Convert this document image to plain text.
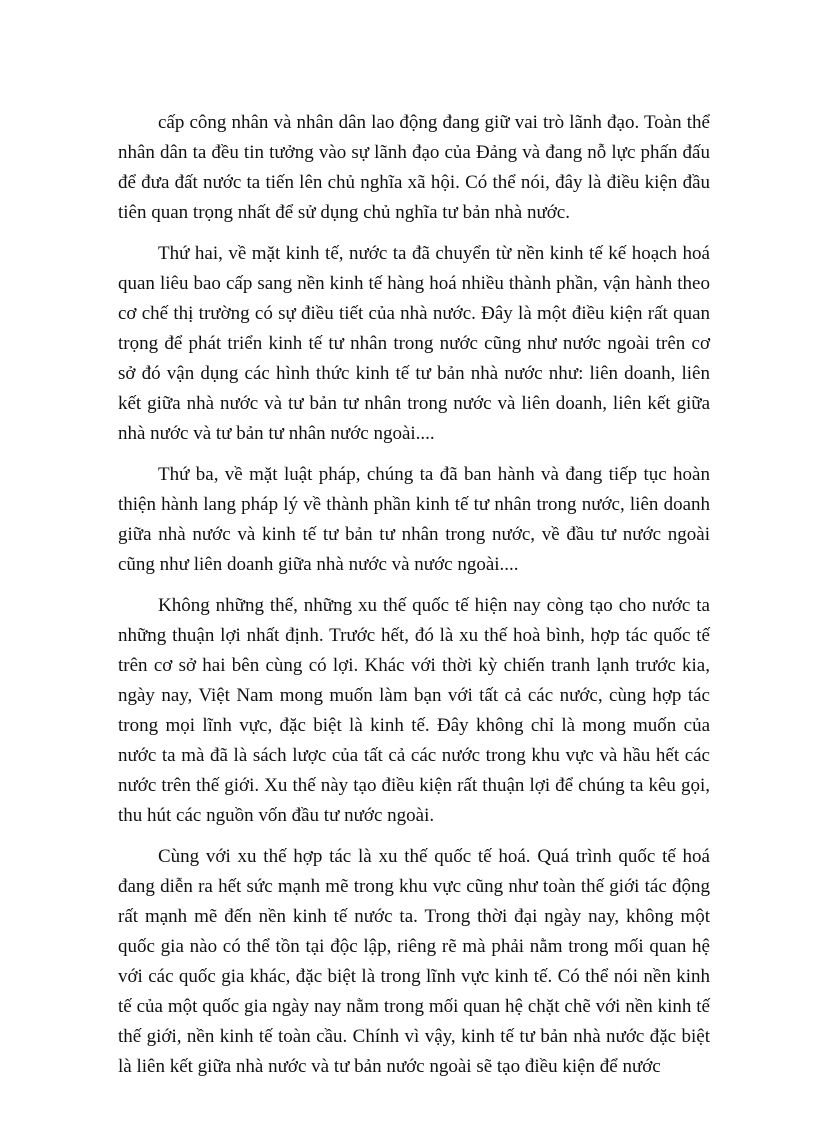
cấp công nhân và nhân dân lao động đang giữ vai trò lãnh đạo. Toàn thể nhân dân ta đều tin tưởng vào sự lãnh đạo của Đảng và đang nỗ lực phấn đấu để đưa đất nước ta tiến lên chủ nghĩa xã hội. Có thể nói, đây là điều kiện đầu tiên quan trọng nhất để sử dụng chủ nghĩa tư bản nhà nước.

Thứ hai, về mặt kinh tế, nước ta đã chuyển từ nền kinh tế kế hoạch hoá quan liêu bao cấp sang nền kinh tế hàng hoá nhiều thành phần, vận hành theo cơ chế thị trường có sự điều tiết của nhà nước. Đây là một điều kiện rất quan trọng để phát triển kinh tế tư nhân trong nước cũng như nước ngoài trên cơ sở đó vận dụng các hình thức kinh tế tư bản nhà nước như: liên doanh, liên kết giữa nhà nước và tư bản tư nhân trong nước và liên doanh, liên kết giữa nhà nước và tư bản tư nhân nước ngoài....

Thứ ba, về mặt luật pháp, chúng ta đã ban hành và đang tiếp tục hoàn thiện hành lang pháp lý về thành phần kinh tế tư nhân trong nước, liên doanh giữa nhà nước và kinh tế tư bản tư nhân trong nước, về đầu tư nước ngoài cũng như liên doanh giữa nhà nước và nước ngoài....

Không những thế, những xu thế quốc tế hiện nay còng tạo cho nước ta những thuận lợi nhất định. Trước hết, đó là xu thế hoà bình, hợp tác quốc tế trên cơ sở hai bên cùng có lợi. Khác với thời kỳ chiến tranh lạnh trước kia, ngày nay, Việt Nam mong muốn làm bạn với tất cả các nước, cùng hợp tác trong mọi lĩnh vực, đặc biệt là kinh tế. Đây không chỉ là mong muốn của nước ta mà đã là sách lược của tất cả các nước trong khu vực và hầu hết các nước trên thế giới. Xu thế này tạo điều kiện rất thuận lợi để chúng ta kêu gọi, thu hút các nguồn vốn đầu tư nước ngoài.

Cùng với xu thế hợp tác là xu thế quốc tế hoá. Quá trình quốc tế hoá đang diễn ra hết sức mạnh mẽ trong khu vực cũng như toàn thế giới tác động rất mạnh mẽ đến nền kinh tế nước ta. Trong thời đại ngày nay, không một quốc gia nào có thể tồn tại độc lập, riêng rẽ mà phải nằm trong mối quan hệ với các quốc gia khác, đặc biệt là trong lĩnh vực kinh tế. Có thể nói nền kinh tế của một quốc gia ngày nay nằm trong mối quan hệ chặt chẽ với nền kinh tế thế giới, nền kinh tế toàn cầu. Chính vì vậy, kinh tế tư bản nhà nước đặc biệt là liên kết giữa nhà nước và tư bản nước ngoài sẽ tạo điều kiện để nước
